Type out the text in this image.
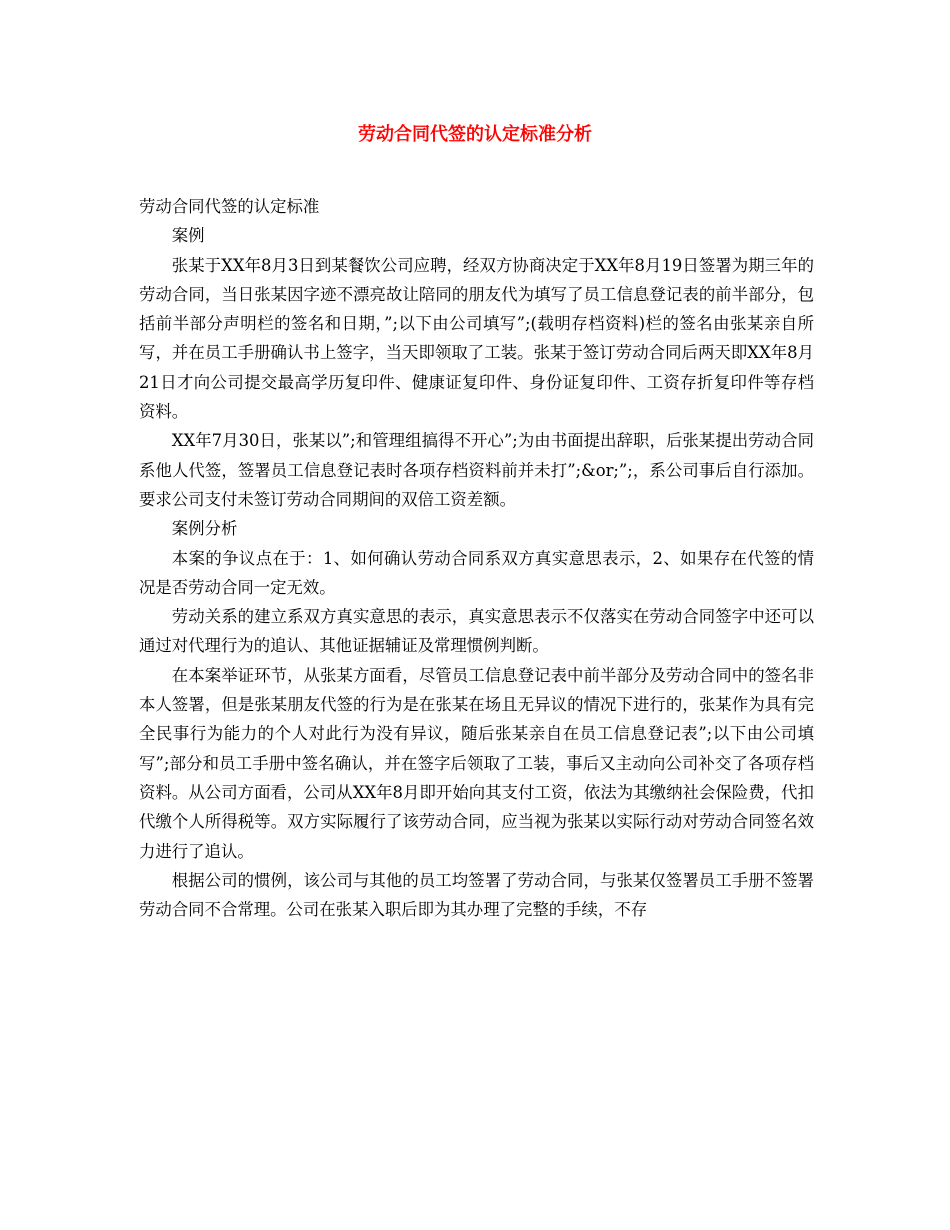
劳动合同代签的认定标准分析

劳动合同代签的认定标准

案例

张某于XX年8月3日到某餐饮公司应聘，经双方协商决定于XX年8月19日签署为期三年的劳动合同，当日张某因字迹不漂亮故让陪同的朋友代为填写了员工信息登记表的前半部分，包括前半部分声明栏的签名和日期，”;以下由公司填写”;(载明存档资料)栏的签名由张某亲自所写，并在员工手册确认书上签字，当天即领取了工装。张某于签订劳动合同后两天即XX年8月21日才向公司提交最高学历复印件、健康证复印件、身份证复印件、工资存折复印件等存档资料。

XX年7月30日，张某以”;和管理组搞得不开心”;为由书面提出辞职，后张某提出劳动合同系他人代签，签署员工信息登记表时各项存档资料前并未打”;&or;”;，系公司事后自行添加。要求公司支付未签订劳动合同期间的双倍工资差额。

案例分析

本案的争议点在于：1、如何确认劳动合同系双方真实意思表示，2、如果存在代签的情况是否劳动合同一定无效。

劳动关系的建立系双方真实意思的表示，真实意思表示不仅落实在劳动合同签字中还可以通过对代理行为的追认、其他证据辅证及常理惯例判断。

在本案举证环节，从张某方面看，尽管员工信息登记表中前半部分及劳动合同中的签名非本人签署，但是张某朋友代签的行为是在张某在场且无异议的情况下进行的，张某作为具有完全民事行为能力的个人对此行为没有异议，随后张某亲自在员工信息登记表”;以下由公司填写”;部分和员工手册中签名确认，并在签字后领取了工装，事后又主动向公司补交了各项存档资料。从公司方面看，公司从XX年8月即开始向其支付工资，依法为其缴纳社会保险费，代扣代缴个人所得税等。双方实际履行了该劳动合同，应当视为张某以实际行动对劳动合同签名效力进行了追认。

根据公司的惯例，该公司与其他的员工均签署了劳动合同，与张某仅签署员工手册不签署劳动合同不合常理。公司在张某入职后即为其办理了完整的手续，不存
